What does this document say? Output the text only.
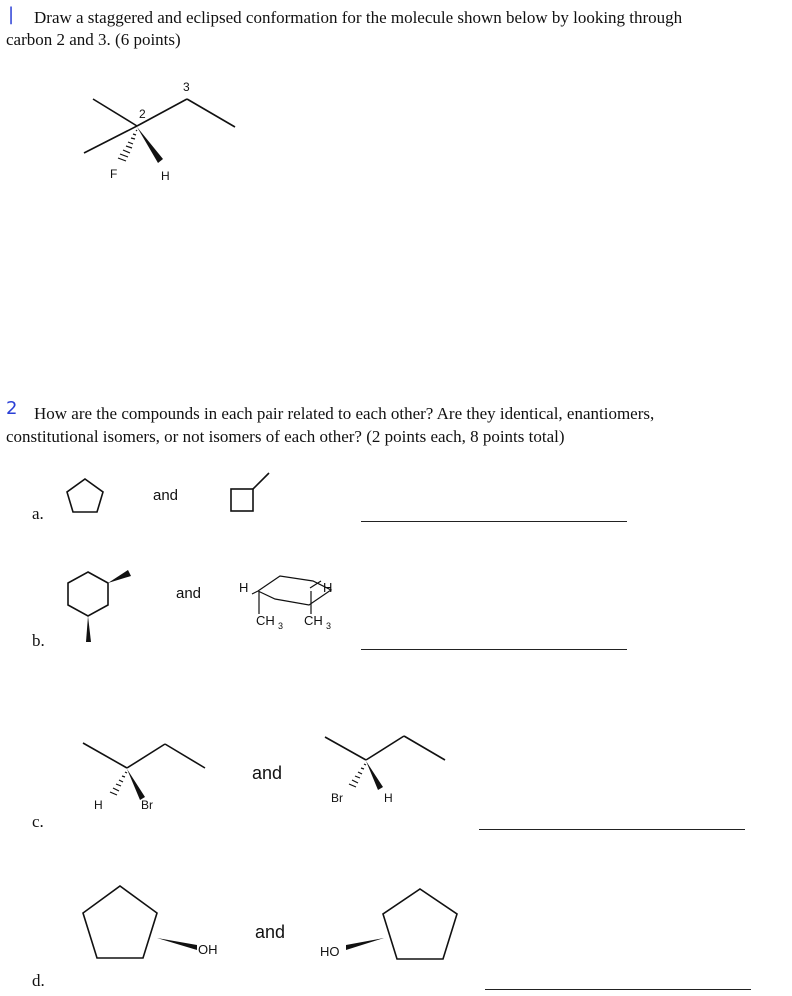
| Draw a staggered and eclipsed conformation for the molecule shown below by looking through
carbon 2 and 3. (6 points)
2 How are the compounds in each pair related to each other? Are they identical, enantiomers,
constitutional isomers, or not isomers of each other? (2 points each, 8 points total)
a.
b.
c.
d.
and
and
and
and
2
3
F	H
H	H
CH 3 CH 3
H	Br	Br	H
OH	HO
